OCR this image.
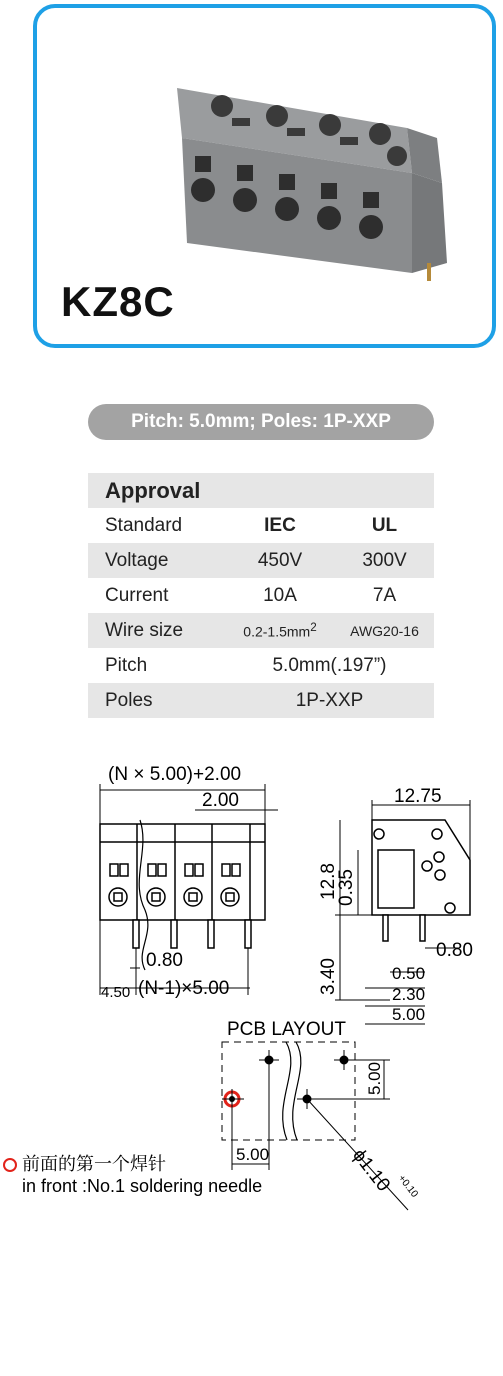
KZ8C
Pitch: 5.0mm; Poles: 1P-XXP
Approval		
Standard	IEC	UL
Voltage	450V	300V
Current	10A	7A
Wire size	$0.2-1.5mm^2$	AWG20-16
Pitch	5.0mm(.197”)	
Poles	1P-XXP	
(N × 5.00)+2.00
2.00
0.80
4.50 (N-1)×5.00
12.75
12.8
0.35
3.40
0.80
0.50
2.30
5.00
PCB LAYOUT
5.00
5.00	ϕ1.10 +0.10
前面的第一个焊针
in front :No.1 soldering needle
